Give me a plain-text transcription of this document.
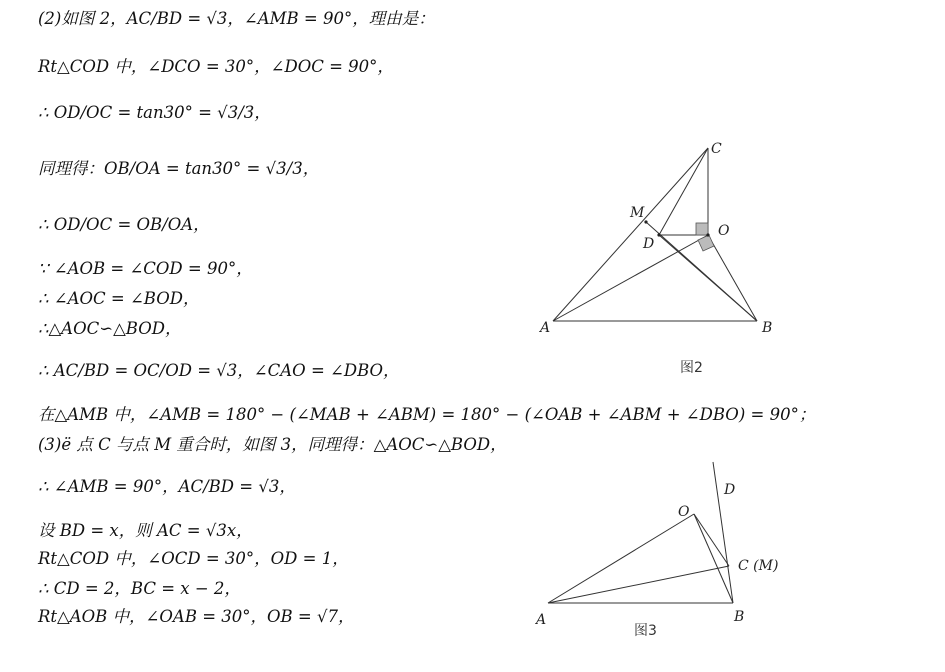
(2)如图 2，AC/BD = √3，∠AMB = 90°，理由是：
Rt△COD 中，∠DCO = 30°，∠DOC = 90°，
∴ OD/OC = tan30° = √3/3，
同理得：OB/OA = tan30° = √3/3，
∴ OD/OC = OB/OA，
∵ ∠AOB = ∠COD = 90°，
∴ ∠AOC = ∠BOD，
∴△AOC∽△BOD，
∴ AC/BD = OC/OD = √3，∠CAO = ∠DBO，
在△AMB 中，∠AMB = 180° − (∠MAB + ∠ABM) = 180° − (∠OAB + ∠ABM + ∠DBO) = 90°；
(3)ë 点 C 与点 M 重合时，如图 3，同理得：△AOC∽△BOD，
∴ ∠AMB = 90°，AC/BD = √3，
设 BD = x，则 AC = √3x，
Rt△COD 中，∠OCD = 30°，OD = 1，
∴ CD = 2，BC = x − 2，
Rt△AOB 中，∠OAB = 30°，OB = √7，
C
M
D
O
A	B
图2
D
O
C (M)
A	B
图3
